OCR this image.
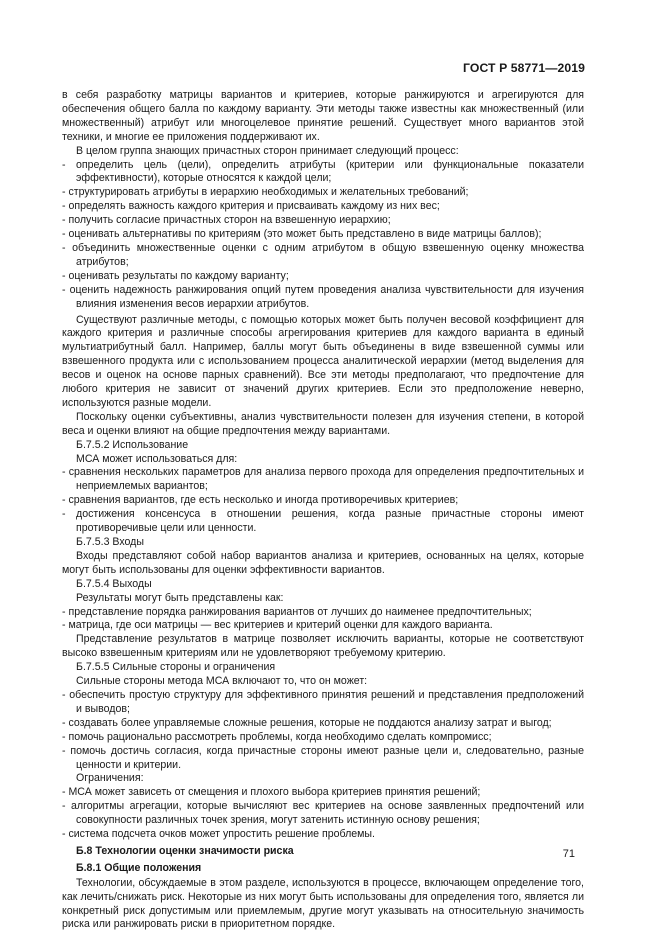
ГОСТ Р 58771—2019

в себя разработку матрицы вариантов и критериев, которые ранжируются и агрегируются для обеспечения общего балла по каждому варианту. Эти методы также известны как множественный (или множественный) атрибут или многоцелевое принятие решений. Существует много вариантов этой техники, и многие ее приложения поддерживают их.

В целом группа знающих причастных сторон принимает следующий процесс:

- определить цель (цели), определить атрибуты (критерии или функциональные показатели эффективности), которые относятся к каждой цели;

- структурировать атрибуты в иерархию необходимых и желательных требований;

- определять важность каждого критерия и присваивать каждому из них вес;

- получить согласие причастных сторон на взвешенную иерархию;

- оценивать альтернативы по критериям (это может быть представлено в виде матрицы баллов);

- объединить множественные оценки с одним атрибутом в общую взвешенную оценку множества атрибутов;

- оценивать результаты по каждому варианту;

- оценить надежность ранжирования опций путем проведения анализа чувствительности для изучения влияния изменения весов иерархии атрибутов.

Существуют различные методы, с помощью которых может быть получен весовой коэффициент для каждого критерия и различные способы агрегирования критериев для каждого варианта в единый мультиатрибутный балл. Например, баллы могут быть объединены в виде взвешенной суммы или взвешенного продукта или с использованием процесса аналитической иерархии (метод выделения для весов и оценок на основе парных сравнений). Все эти методы предполагают, что предпочтение для любого критерия не зависит от значений других критериев. Если это предположение неверно, используются разные модели.

Поскольку оценки субъективны, анализ чувствительности полезен для изучения степени, в которой веса и оценки влияют на общие предпочтения между вариантами.

Б.7.5.2 Использование

МСА может использоваться для:

- сравнения нескольких параметров для анализа первого прохода для определения предпочтительных и неприемлемых вариантов;

- сравнения вариантов, где есть несколько и иногда противоречивых критериев;

- достижения консенсуса в отношении решения, когда разные причастные стороны имеют противоречивые цели или ценности.

Б.7.5.3 Входы

Входы представляют собой набор вариантов анализа и критериев, основанных на целях, которые могут быть использованы для оценки эффективности вариантов.

Б.7.5.4 Выходы

Результаты могут быть представлены как:

- представление порядка ранжирования вариантов от лучших до наименее предпочтительных;

- матрица, где оси матрицы — вес критериев и критерий оценки для каждого варианта.

Представление результатов в матрице позволяет исключить варианты, которые не соответствуют высоко взвешенным критериям или не удовлетворяют требуемому критерию.

Б.7.5.5 Сильные стороны и ограничения

Сильные стороны метода МСА включают то, что он может:

- обеспечить простую структуру для эффективного принятия решений и представления предположений и выводов;

- создавать более управляемые сложные решения, которые не поддаются анализу затрат и выгод;

- помочь рационально рассмотреть проблемы, когда необходимо сделать компромисс;

- помочь достичь согласия, когда причастные стороны имеют разные цели и, следовательно, разные ценности и критерии.

Ограничения:

- МСА может зависеть от смещения и плохого выбора критериев принятия решений;

- алгоритмы агрегации, которые вычисляют вес критериев на основе заявленных предпочтений или совокупности различных точек зрения, могут затенить истинную основу решения;

- система подсчета очков может упростить решение проблемы.

Б.8 Технологии оценки значимости риска

Б.8.1 Общие положения

Технологии, обсуждаемые в этом разделе, используются в процессе, включающем определение того, как лечить/снижать риск. Некоторые из них могут быть использованы для определения того, является ли конкретный риск допустимым или приемлемым, другие могут указывать на относительную значимость риска или ранжировать риски в приоритетном порядке.

71
